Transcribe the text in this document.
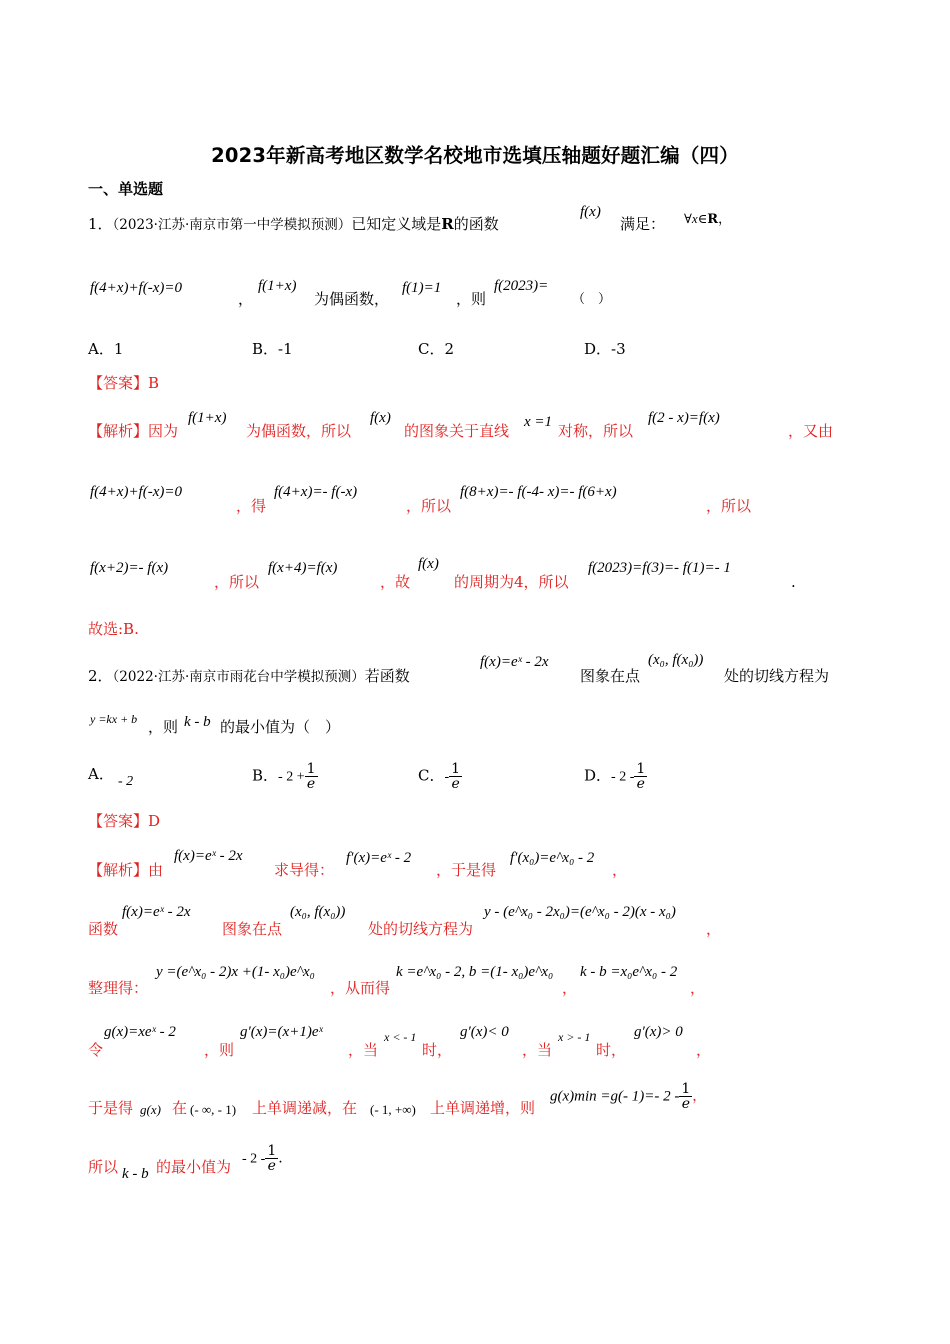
2023年新高考地区数学名校地市选填压轴题好题汇编（四）
一、单选题
1．（2023·江苏·南京市第一中学模拟预测）已知定义域是R的函数
f(x)
满足： ∀x∈R，
f(4+x)+f(-x)=0
，
f(1+x)
为偶函数，
f(1)=1
，则
f(2023)=
（　）
A．1	B．-1	C．2	D．-3
【答案】B
【解析】因为
f(1+x)
为偶函数，所以
f(x)
的图象关于直线 x =1 对称，所以
f(2 - x)=f(x)
，又由
f(4+x)+f(-x)=0
，得
f(4+x)=- f(-x)
，所以
f(8+x)=- f(-4- x)=- f(6+x)
，所以
f(x+2)=- f(x)
，所以
f(x+4)=f(x)
，故
f(x)
的周期为4，所以
f(2023)=f(3)=- f(1)=- 1
.
故选:B.
2．（2022·江苏·南京市雨花台中学模拟预测）若函数
f(x)=eˣ - 2x
图象在点
(x₀, f(x₀))
处的切线方程为
y =kx + b ，则 k - b 的最小值为（　）
A． - 2	B．- $2 + \frac{1}{e}$	C．- $\frac{1}{e}$	D．- $2 - \frac{1}{e}$
【答案】D
【解析】由
f(x)=eˣ - 2x
求导得：
f′(x)=eˣ - 2
，于是得
f′(x₀)=e^x₀ - 2
，
函数
f(x)=eˣ - 2x
图象在点
(x₀, f(x₀))
处的切线方程为
y - (e^x₀ - 2x₀)=(e^x₀ - 2)(x - x₀)
，
整理得：
y =(e^x₀ - 2)x +(1- x₀)e^x₀
，从而得
k =e^x₀ - 2, b =(1- x₀)e^x₀
，
k - b =x₀e^x₀ - 2
，
令
g(x)=xeˣ - 2
，则
g′(x)=(x+1)eˣ
，当
x < - 1
时，
g′(x)< 0
，当
x > - 1
时，
g′(x)> 0
，
于是得 g(x) 在 (- ∞, - 1) 上单调递减，在 (- 1, +∞) 上单调递增，则
g(x)min =g(- 1)=- $2 - \frac{1}{e}$ ，
所以 k - b 的最小值为 - $2 - \frac{1}{e}$ .
